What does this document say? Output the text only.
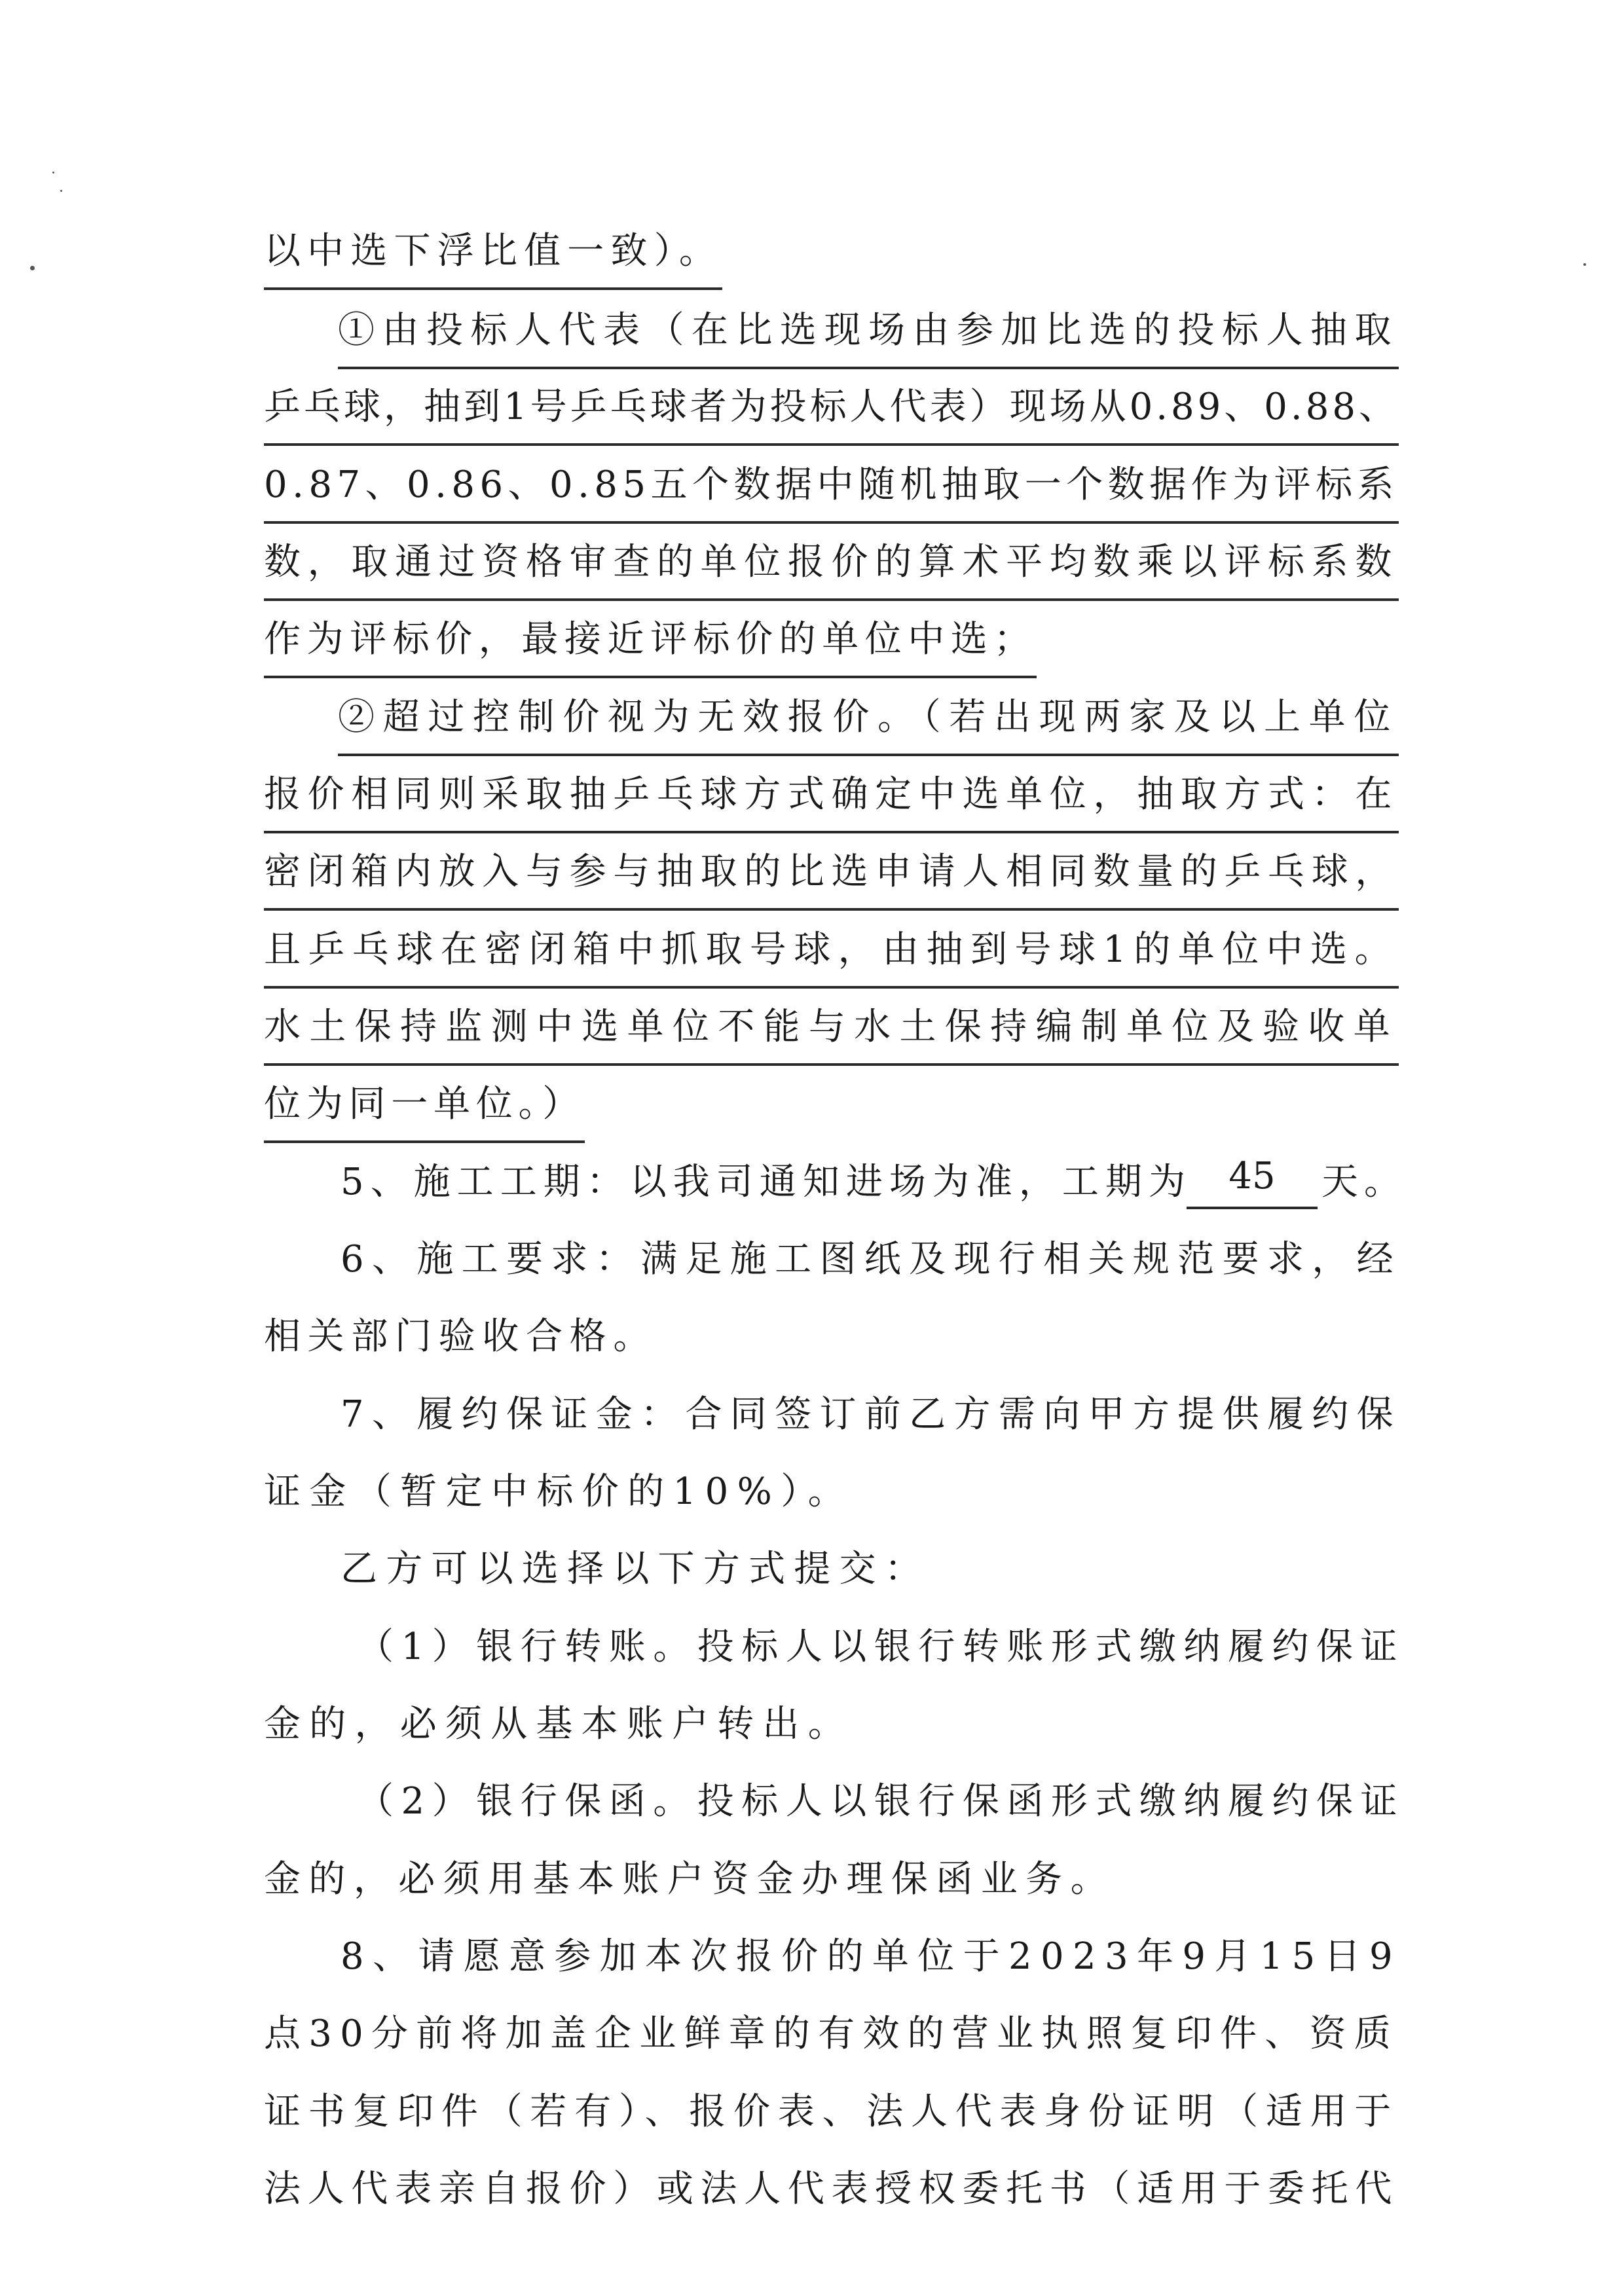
以中选下浮比值一致）。
①由投标人代表（在比选现场由参加比选的投标人抽取
乒乓球，抽到1号乒乓球者为投标人代表）现场从0.89、0.88、
0.87、0.86、0.85五个数据中随机抽取一个数据作为评标系
数，取通过资格审查的单位报价的算术平均数乘以评标系数
作为评标价，最接近评标价的单位中选；
②超过控制价视为无效报价。（若出现两家及以上单位
报价相同则采取抽乒乓球方式确定中选单位，抽取方式：在
密闭箱内放入与参与抽取的比选申请人相同数量的乒乓球，
且乒乓球在密闭箱中抓取号球，由抽到号球1的单位中选。
水土保持监测中选单位不能与水土保持编制单位及验收单
位为同一单位。）
5、施工工期：以我司通知进场为准，工期为	45	天。
6、施工要求：满足施工图纸及现行相关规范要求，经
相关部门验收合格。
7、履约保证金：合同签订前乙方需向甲方提供履约保
证金（暂定中标价的10%）。
乙方可以选择以下方式提交：
（1）银行转账。投标人以银行转账形式缴纳履约保证
金的，必须从基本账户转出。
（2）银行保函。投标人以银行保函形式缴纳履约保证
金的，必须用基本账户资金办理保函业务。
8、请愿意参加本次报价的单位于2023年9月15日9
点30分前将加盖企业鲜章的有效的营业执照复印件、资质
证书复印件（若有）、报价表、法人代表身份证明（适用于
法人代表亲自报价）或法人代表授权委托书（适用于委托代
